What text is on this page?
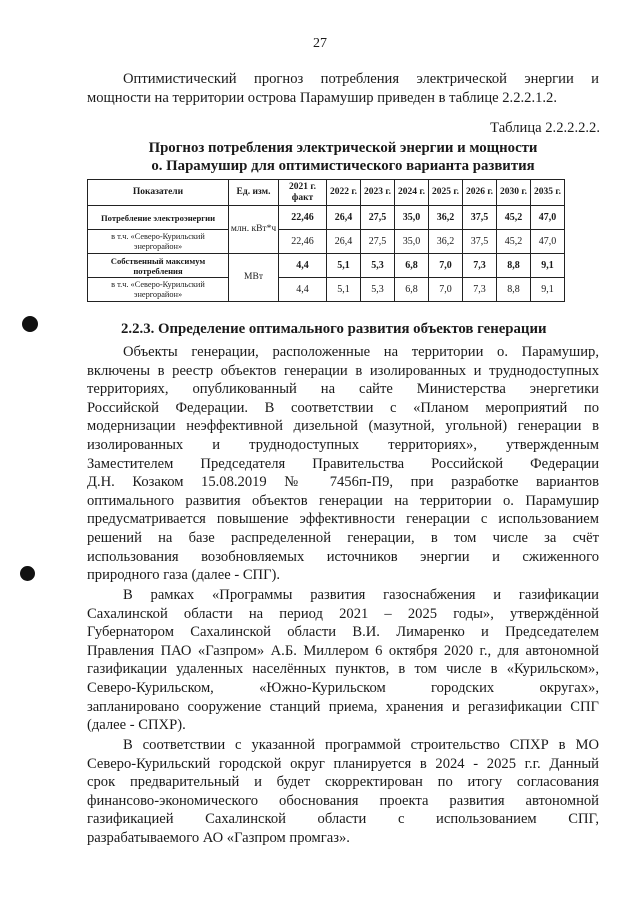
27
Оптимистический прогноз потребления электрической энергии и
мощности на территории острова Парамушир приведен в таблице 2.2.2.1.2.
Таблица 2.2.2.2.2.
Прогноз потребления электрической энергии и мощности
о. Парамушир для оптимистического варианта развития
Показатели	Ед. изм.	2021 г. факт	2022 г.	2023 г.	2024 г.	2025 г.	2026 г.	2030 г.	2035 г.
Потребление электроэнергии	млн. кВт*ч	22,46	26,4	27,5	35,0	36,2	37,5	45,2	47,0
в т.ч. «Северо-Курильский энергорайон»		22,46	26,4	27,5	35,0	36,2	37,5	45,2	47,0
Собственный максимум потребления	МВт	4,4	5,1	5,3	6,8	7,0	7,3	8,8	9,1
в т.ч. «Северо-Курильский энергорайон»		4,4	5,1	5,3	6,8	7,0	7,3	8,8	9,1
2.2.3. Определение оптимального развития объектов генерации
Объекты генерации, расположенные на территории о. Парамушир,
включены в реестр объектов генерации в изолированных и труднодоступных
территориях, опубликованный на сайте Министерства энергетики
Российской Федерации. В соответствии с «Планом мероприятий по
модернизации неэффективной дизельной (мазутной, угольной) генерации в
изолированных и труднодоступных территориях», утвержденным
Заместителем Председателя Правительства Российской Федерации
Д.Н. Козаком 15.08.2019 № 7456п-П9, при разработке вариантов
оптимального развития объектов генерации на территории о. Парамушир
предусматривается повышение эффективности генерации с использованием
решений на базе распределенной генерации, в том числе за счёт
использования возобновляемых источников энергии и сжиженного
природного газа (далее - СПГ).
В рамках «Программы развития газоснабжения и газификации
Сахалинской области на период 2021 – 2025 годы», утверждённой
Губернатором Сахалинской области В.И. Лимаренко и Председателем
Правления ПАО «Газпром» А.Б. Миллером 6 октября 2020 г., для автономной
газификации удаленных населённых пунктов, в том числе в «Курильском»,
Северо-Курильском, «Южно-Курильском городских округах»,
запланировано сооружение станций приема, хранения и регазификации СПГ
(далее - СПХР).
В соответствии с указанной программой строительство СПХР в МО
Северо-Курильский городской округ планируется в 2024 - 2025 г.г. Данный
срок предварительный и будет скорректирован по итогу согласования
финансово-экономического обоснования проекта развития автономной
газификацией Сахалинской области с использованием СПГ,
разрабатываемого АО «Газпром промгаз».
